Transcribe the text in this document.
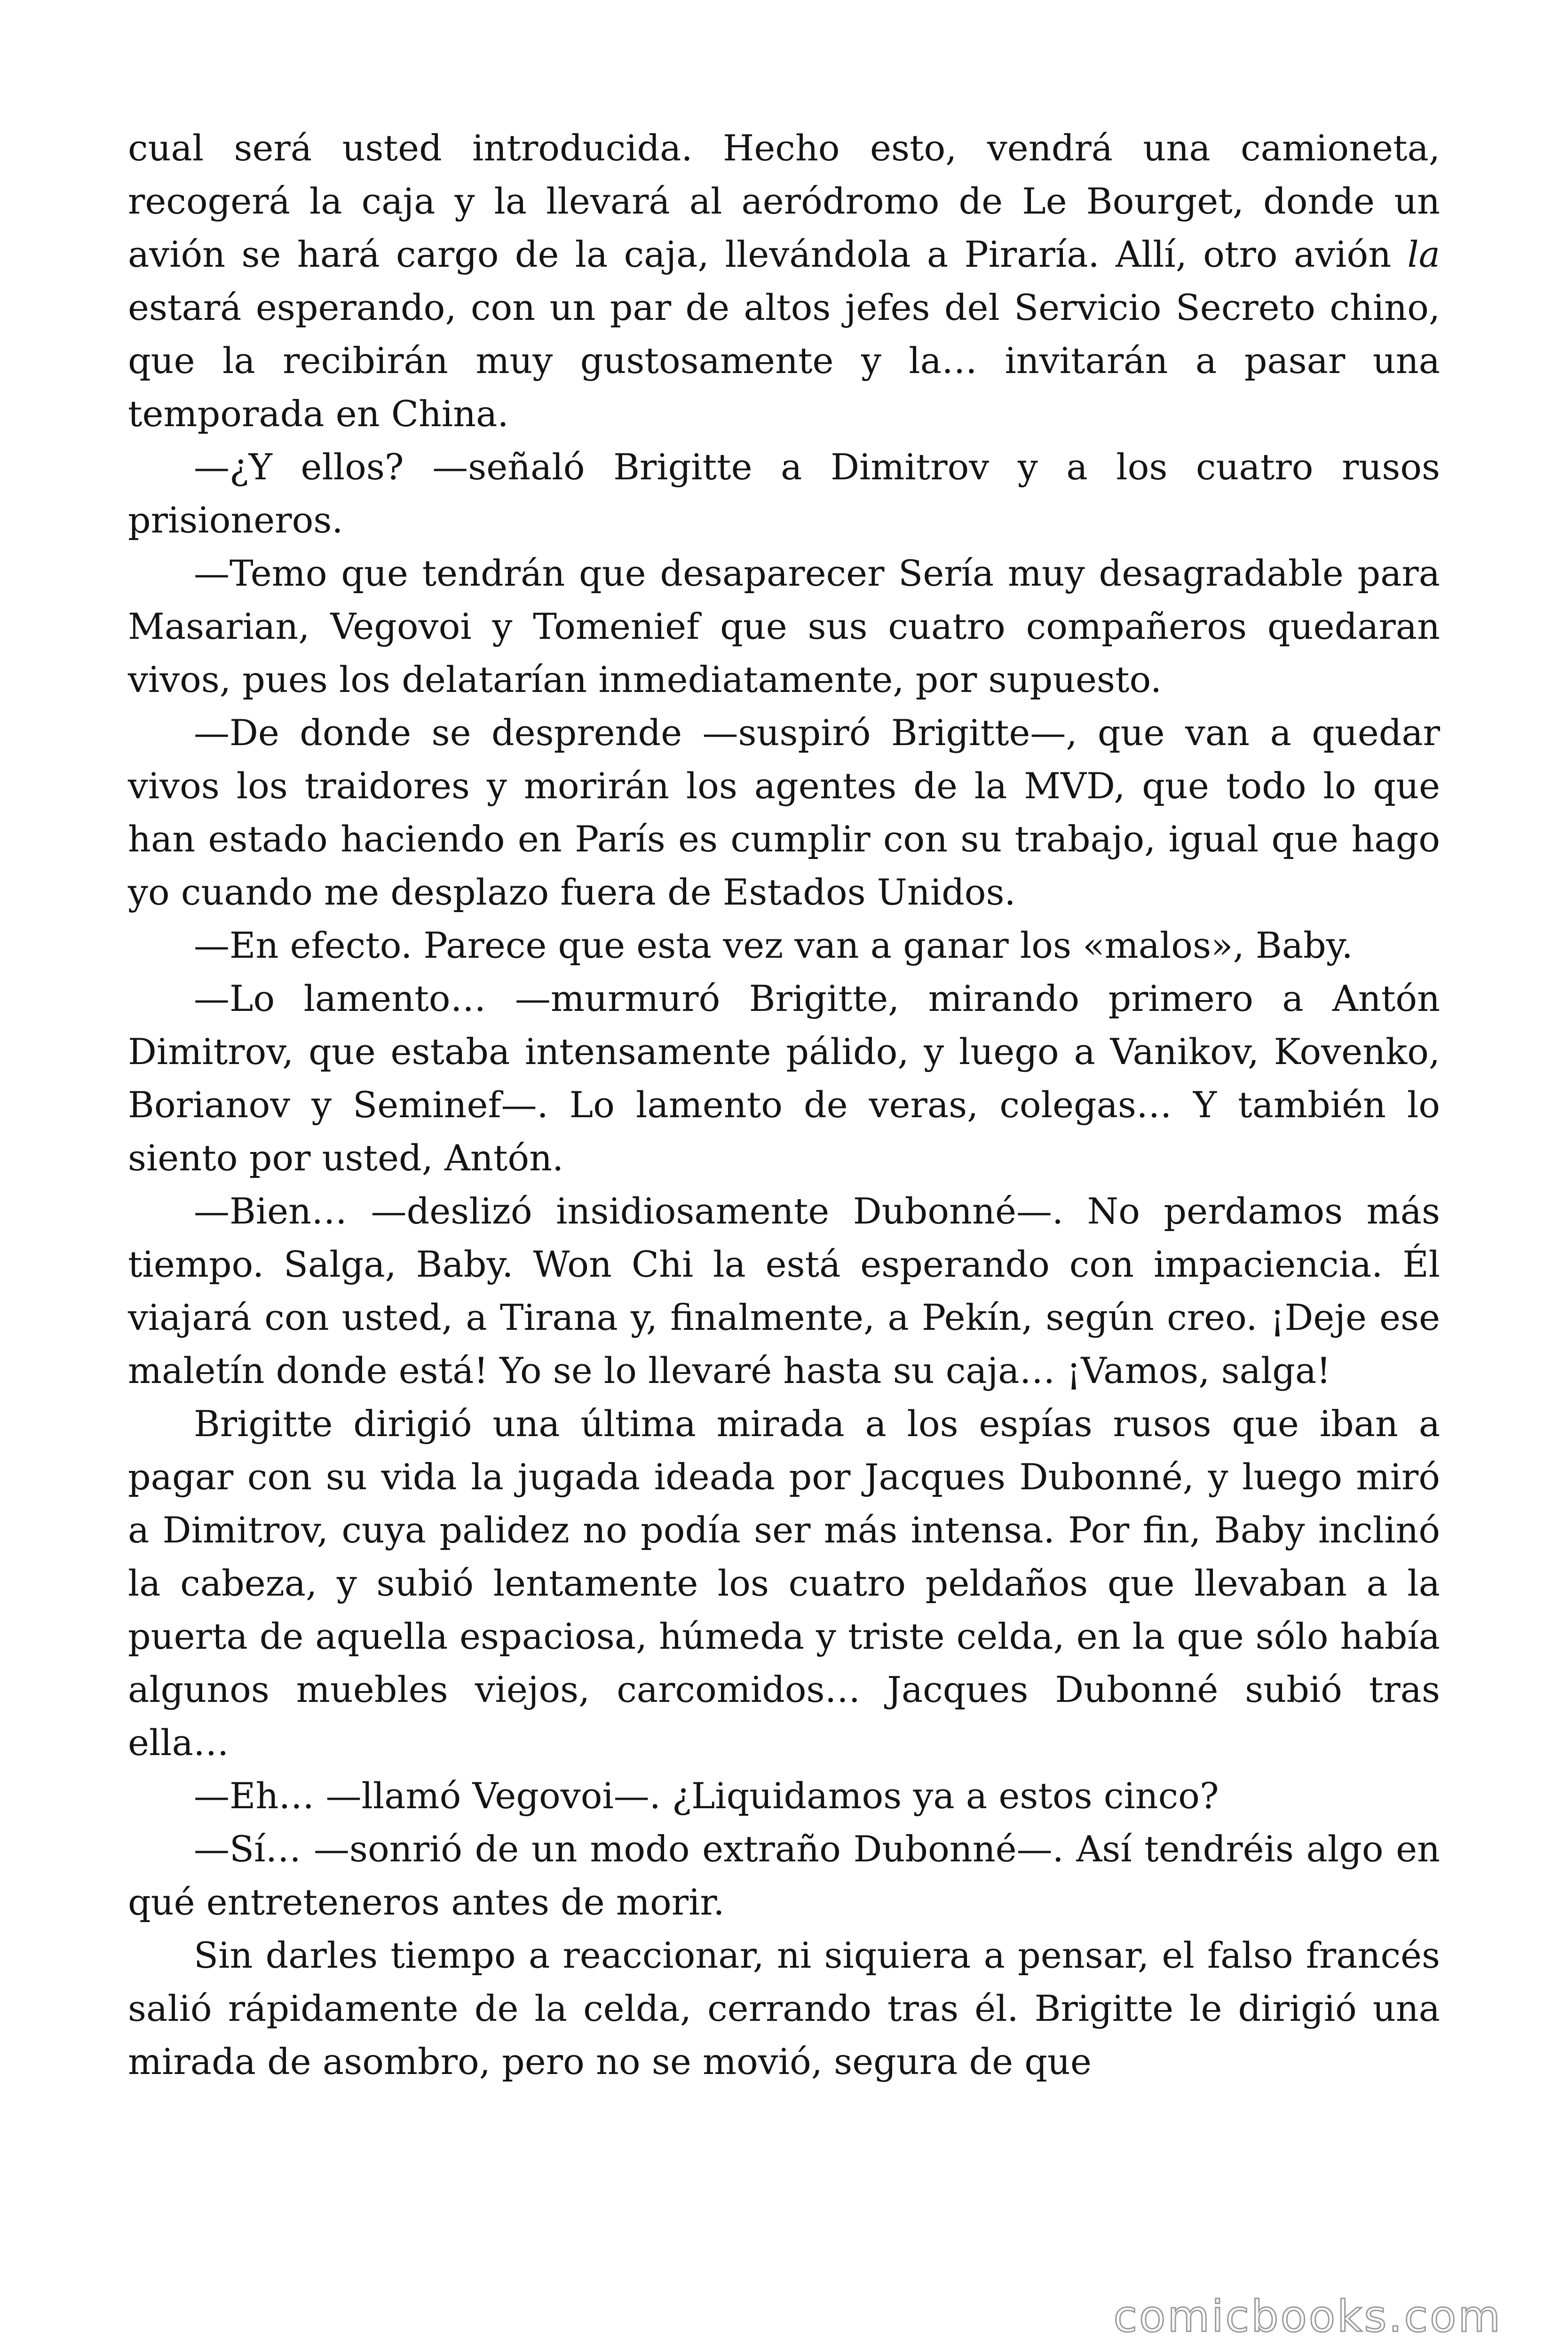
cual será usted introducida. Hecho esto, vendrá una camioneta, recogerá la caja y la llevará al aeródromo de Le Bourget, donde un avión se hará cargo de la caja, llevándola a Piraría. Allí, otro avión la estará esperando, con un par de altos jefes del Servicio Secreto chino, que la recibirán muy gustosamente y la… invitarán a pasar una temporada en China.

—¿Y ellos? —señaló Brigitte a Dimitrov y a los cuatro rusos prisioneros.

—Temo que tendrán que desaparecer Sería muy desagradable para Masarian, Vegovoi y Tomenief que sus cuatro compañeros quedaran vivos, pues los delatarían inmediatamente, por supuesto.

—De donde se desprende —suspiró Brigitte—, que van a quedar vivos los traidores y morirán los agentes de la MVD, que todo lo que han estado haciendo en París es cumplir con su trabajo, igual que hago yo cuando me desplazo fuera de Estados Unidos.

—En efecto. Parece que esta vez van a ganar los «malos», Baby.

—Lo lamento… —murmuró Brigitte, mirando primero a Antón Dimitrov, que estaba intensamente pálido, y luego a Vanikov, Kovenko, Borianov y Seminef—. Lo lamento de veras, colegas… Y también lo siento por usted, Antón.

—Bien… —deslizó insidiosamente Dubonné—. No perdamos más tiempo. Salga, Baby. Won Chi la está esperando con impaciencia. Él viajará con usted, a Tirana y, finalmente, a Pekín, según creo. ¡Deje ese maletín donde está! Yo se lo llevaré hasta su caja… ¡Vamos, salga!

Brigitte dirigió una última mirada a los espías rusos que iban a pagar con su vida la jugada ideada por Jacques Dubonné, y luego miró a Dimitrov, cuya palidez no podía ser más intensa. Por fin, Baby inclinó la cabeza, y subió lentamente los cuatro peldaños que llevaban a la puerta de aquella espaciosa, húmeda y triste celda, en la que sólo había algunos muebles viejos, carcomidos… Jacques Dubonné subió tras ella…

—Eh… —llamó Vegovoi—. ¿Liquidamos ya a estos cinco?

—Sí… —sonrió de un modo extraño Dubonné—. Así tendréis algo en qué entreteneros antes de morir.

Sin darles tiempo a reaccionar, ni siquiera a pensar, el falso francés salió rápidamente de la celda, cerrando tras él. Brigitte le dirigió una mirada de asombro, pero no se movió, segura de que

comicbooks.com
